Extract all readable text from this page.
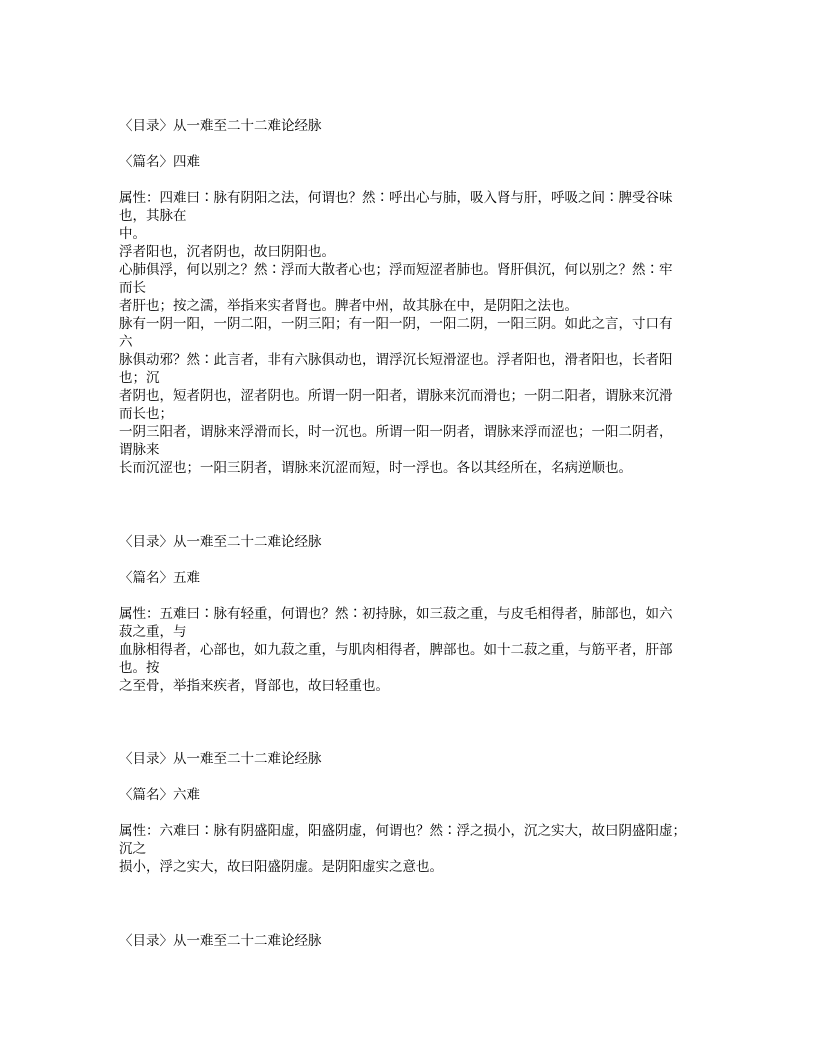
〈目录〉从一难至二十二难论经脉
〈篇名〉四难
属性：四难曰∶脉有阴阳之法，何谓也？然∶呼出心与肺，吸入肾与肝，呼吸之间∶脾受谷味
也，其脉在
中。
浮者阳也，沉者阴也，故曰阴阳也。
心肺俱浮，何以别之？然∶浮而大散者心也；浮而短涩者肺也。肾肝俱沉，何以别之？然∶牢
而长
者肝也；按之濡，举指来实者肾也。脾者中州，故其脉在中，是阴阳之法也。
脉有一阴一阳，一阴二阳，一阴三阳；有一阳一阴，一阳二阴，一阳三阴。如此之言，寸口有
六
脉俱动邪？然∶此言者，非有六脉俱动也，谓浮沉长短滑涩也。浮者阳也，滑者阳也，长者阳
也；沉
者阴也，短者阴也，涩者阴也。所谓一阴一阳者，谓脉来沉而滑也；一阴二阳者，谓脉来沉滑
而长也；
一阴三阳者，谓脉来浮滑而长，时一沉也。所谓一阳一阴者，谓脉来浮而涩也；一阳二阴者，
谓脉来
长而沉涩也；一阳三阴者，谓脉来沉涩而短，时一浮也。各以其经所在，名病逆顺也。
〈目录〉从一难至二十二难论经脉
〈篇名〉五难
属性：五难曰∶脉有轻重，何谓也？然∶初持脉，如三菽之重，与皮毛相得者，肺部也，如六
菽之重，与
血脉相得者，心部也，如九菽之重，与肌肉相得者，脾部也。如十二菽之重，与筋平者，肝部
也。按
之至骨，举指来疾者，肾部也，故曰轻重也。
〈目录〉从一难至二十二难论经脉
〈篇名〉六难
属性：六难曰∶脉有阴盛阳虚，阳盛阴虚，何谓也？然∶浮之损小，沉之实大，故曰阴盛阳虚；
沉之
损小，浮之实大，故曰阳盛阴虚。是阴阳虚实之意也。
〈目录〉从一难至二十二难论经脉
